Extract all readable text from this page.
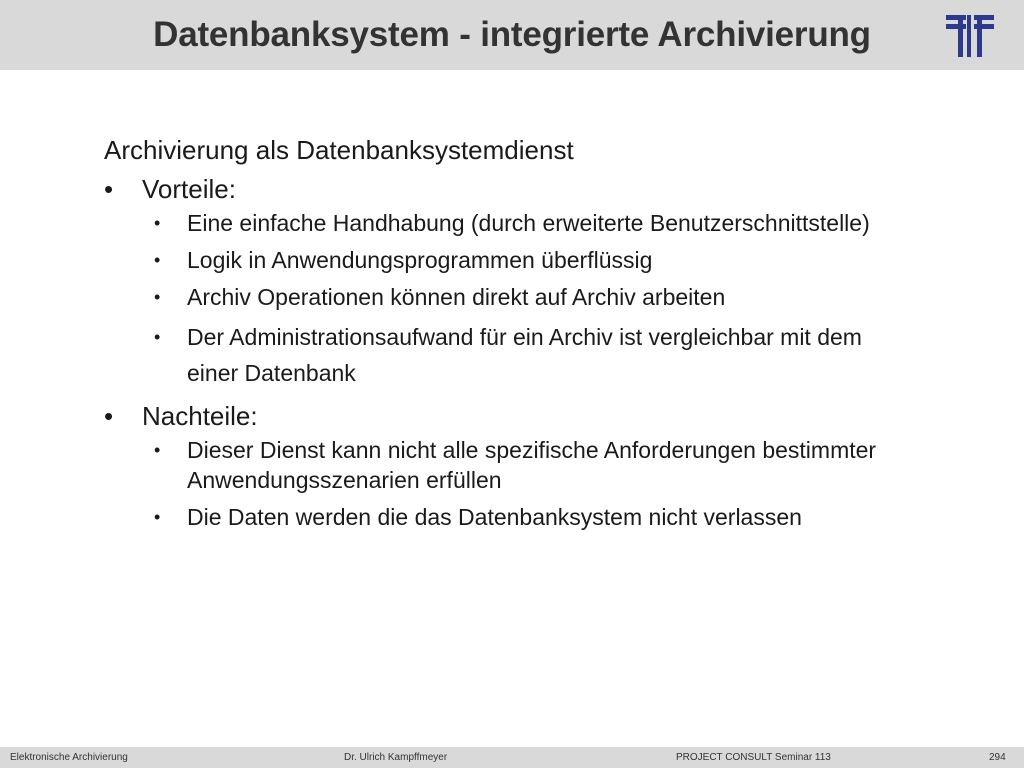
Datenbanksystem - integrierte Archivierung
Archivierung als Datenbanksystemdienst
• Vorteile:
• Eine einfache Handhabung (durch erweiterte Benutzerschnittstelle)
• Logik in Anwendungsprogrammen überflüssig
• Archiv Operationen können direkt auf Archiv arbeiten
• Der Administrationsaufwand für ein Archiv ist vergleichbar mit dem einer Datenbank
• Nachteile:
• Dieser Dienst kann nicht alle spezifische Anforderungen bestimmter Anwendungsszenarien erfüllen
• Die Daten werden die das Datenbanksystem nicht verlassen
Elektronische Archivierung	Dr. Ulrich Kampffmeyer	PROJECT CONSULT Seminar 113	294
